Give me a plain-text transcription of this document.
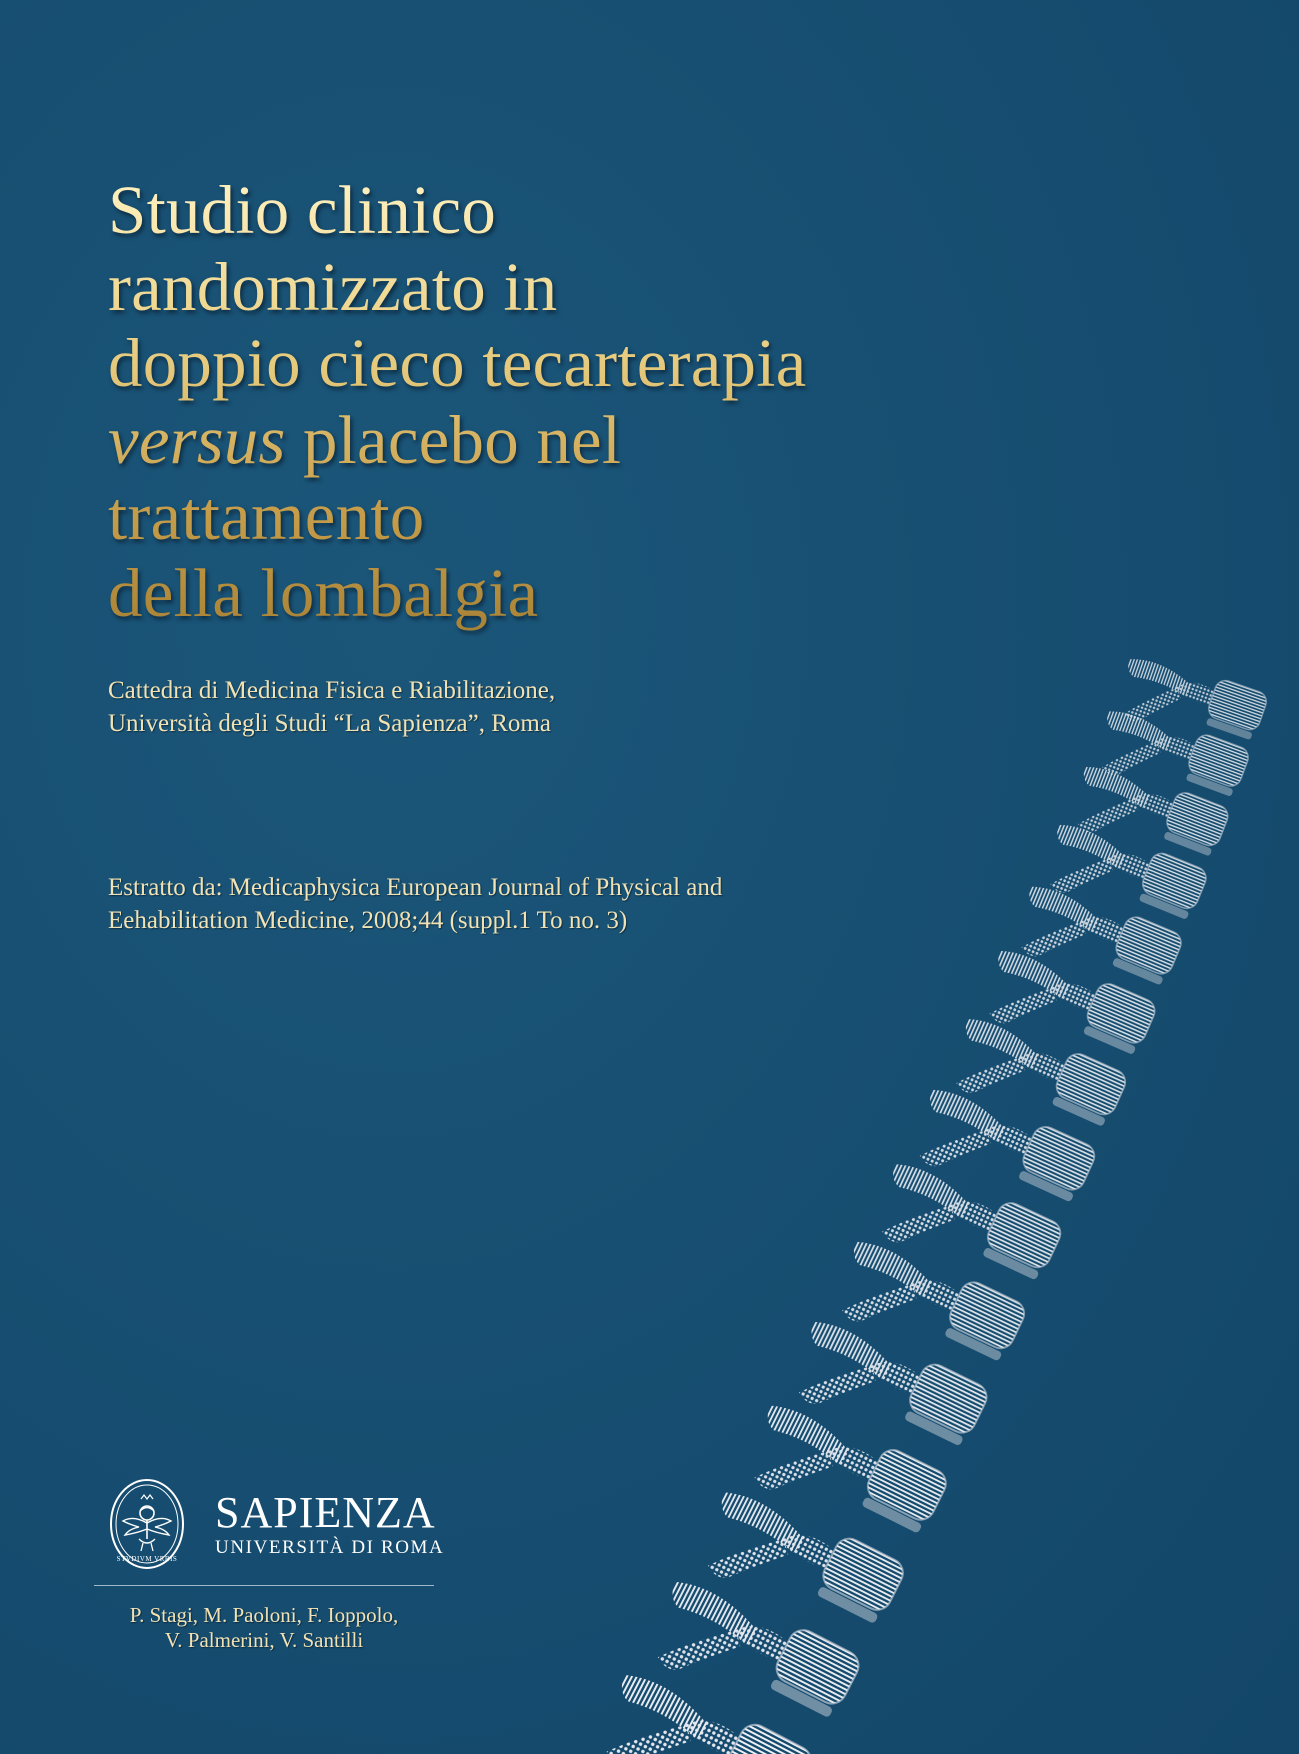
Studio clinico
randomizzato in
doppio cieco tecarterapia
versus placebo nel
trattamento
della lombalgia
Cattedra di Medicina Fisica e Riabilitazione,
Università degli Studi “La Sapienza”, Roma
Estratto da: Medicaphysica European Journal of Physical and
Eehabilitation Medicine, 2008;44 (suppl.1 To no. 3)
STVDIVM VRBIS
SAPIENZA
UNIVERSITÀ DI ROMA
P. Stagi, M. Paoloni, F. Ioppolo,
V. Palmerini, V. Santilli
